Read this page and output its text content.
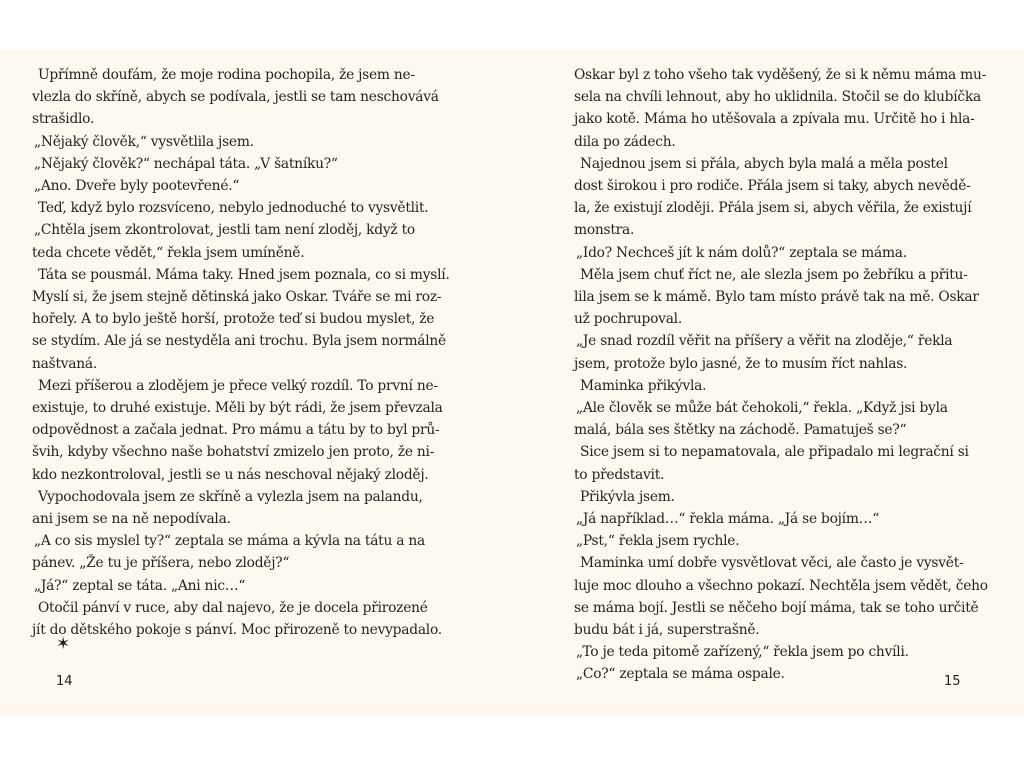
Upřímně doufám, že moje rodina pochopila, že jsem ne-
vlezla do skříně, abych se podívala, jestli se tam neschovává
strašidlo.
„Nějaký člověk,“ vysvětlila jsem.
„Nějaký člověk?“ nechápal táta. „V šatníku?“
„Ano. Dveře byly pootevřené.“
Teď, když bylo rozsvíceno, nebylo jednoduché to vysvětlit.
„Chtěla jsem zkontrolovat, jestli tam není zloděj, když to
teda chcete vědět,“ řekla jsem umíněně.
Táta se pousmál. Máma taky. Hned jsem poznala, co si myslí.
Myslí si, že jsem stejně dětinská jako Oskar. Tváře se mi roz-
hořely. A to bylo ještě horší, protože teď si budou myslet, že
se stydím. Ale já se nestyděla ani trochu. Byla jsem normálně
naštvaná.
Mezi příšerou a zlodějem je přece velký rozdíl. To první ne-
existuje, to druhé existuje. Měli by být rádi, že jsem převzala
odpovědnost a začala jednat. Pro mámu a tátu by to byl prů-
švih, kdyby všechno naše bohatství zmizelo jen proto, že ni-
kdo nezkontroloval, jestli se u nás neschoval nějaký zloděj.
Vypochodovala jsem ze skříně a vylezla jsem na palandu,
ani jsem se na ně nepodívala.
„A co sis myslel ty?“ zeptala se máma a kývla na tátu a na
pánev. „Že tu je příšera, nebo zloděj?“
„Já?“ zeptal se táta. „Ani nic…“
Otočil pánví v ruce, aby dal najevo, že je docela přirozené
jít do dětského pokoje s pánví. Moc přirozeně to nevypadalo.
✶
14
Oskar byl z toho všeho tak vyděšený, že si k němu máma mu-
sela na chvíli lehnout, aby ho uklidnila. Stočil se do klubíčka
jako kotě. Máma ho utěšovala a zpívala mu. Určitě ho i hla-
dila po zádech.
Najednou jsem si přála, abych byla malá a měla postel
dost širokou i pro rodiče. Přála jsem si taky, abych nevědě-
la, že existují zloději. Přála jsem si, abych věřila, že existují
monstra.
„Ido? Nechceš jít k nám dolů?“ zeptala se máma.
Měla jsem chuť říct ne, ale slezla jsem po žebříku a přitu-
lila jsem se k mámě. Bylo tam místo právě tak na mě. Oskar
už pochrupoval.
„Je snad rozdíl věřit na příšery a věřit na zloděje,“ řekla
jsem, protože bylo jasné, že to musím říct nahlas.
Maminka přikývla.
„Ale člověk se může bát čehokoli,“ řekla. „Když jsi byla
malá, bála ses štětky na záchodě. Pamatuješ se?“
Sice jsem si to nepamatovala, ale připadalo mi legrační si
to představit.
Přikývla jsem.
„Já například…“ řekla máma. „Já se bojím…“
„Pst,“ řekla jsem rychle.
Maminka umí dobře vysvětlovat věci, ale často je vysvět-
luje moc dlouho a všechno pokazí. Nechtěla jsem vědět, čeho
se máma bojí. Jestli se něčeho bojí máma, tak se toho určitě
budu bát i já, superstrašně.
„To je teda pitomě zařízený,“ řekla jsem po chvíli.
„Co?“ zeptala se máma ospale.	15
